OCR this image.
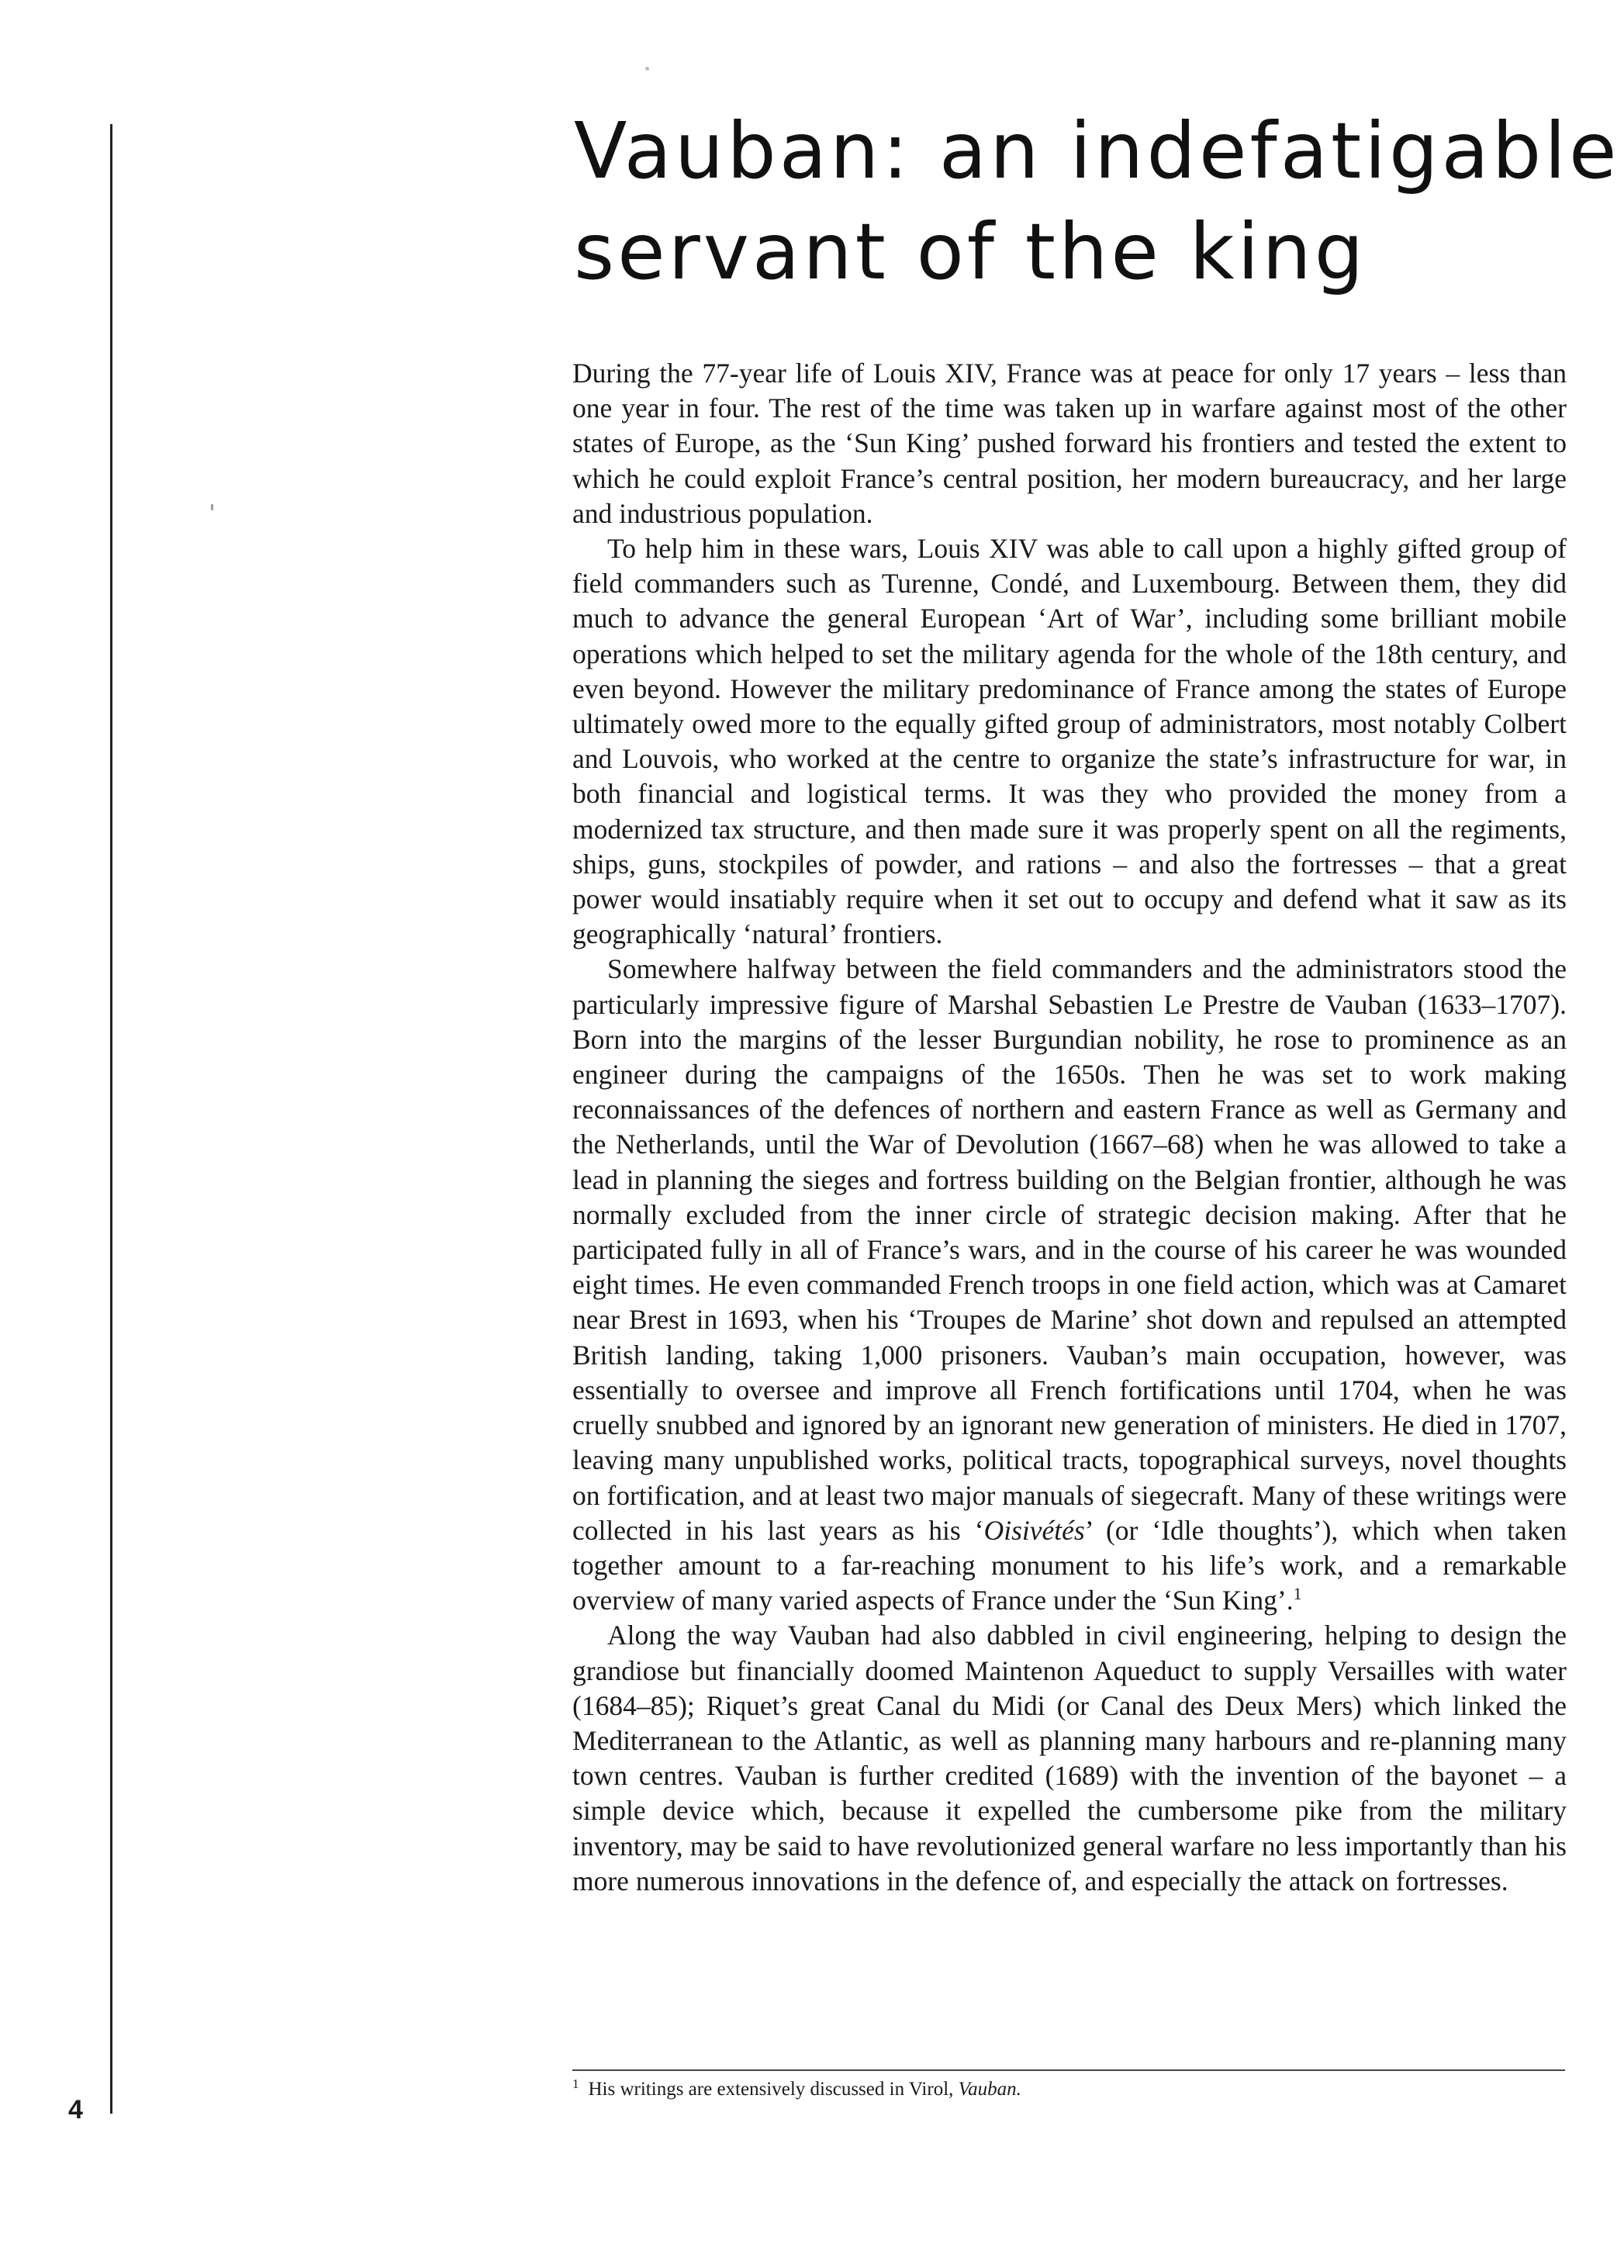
Vauban: an indefatigable
servant of the king

During the 77-year life of Louis XIV, France was at peace for only 17 years – less than one year in four. The rest of the time was taken up in warfare against most of the other states of Europe, as the ‘Sun King’ pushed forward his frontiers and tested the extent to which he could exploit France’s central position, her modern bureaucracy, and her large and industrious population.

To help him in these wars, Louis XIV was able to call upon a highly gifted group of field commanders such as Turenne, Condé, and Luxembourg. Between them, they did much to advance the general European ‘Art of War’, including some brilliant mobile operations which helped to set the military agenda for the whole of the 18th century, and even beyond. However the military predominance of France among the states of Europe ultimately owed more to the equally gifted group of administrators, most notably Colbert and Louvois, who worked at the centre to organize the state’s infrastructure for war, in both financial and logistical terms. It was they who provided the money from a modernized tax structure, and then made sure it was properly spent on all the regiments, ships, guns, stockpiles of powder, and rations – and also the fortresses – that a great power would insatiably require when it set out to occupy and defend what it saw as its geographically ‘natural’ frontiers.

Somewhere halfway between the field commanders and the administrators stood the particularly impressive figure of Marshal Sebastien Le Prestre de Vauban (1633–1707). Born into the margins of the lesser Burgundian nobility, he rose to prominence as an engineer during the campaigns of the 1650s. Then he was set to work making reconnaissances of the defences of northern and eastern France as well as Germany and the Netherlands, until the War of Devolution (1667–68) when he was allowed to take a lead in planning the sieges and fortress building on the Belgian frontier, although he was normally excluded from the inner circle of strategic decision making. After that he participated fully in all of France’s wars, and in the course of his career he was wounded eight times. He even commanded French troops in one field action, which was at Camaret near Brest in 1693, when his ‘Troupes de Marine’ shot down and repulsed an attempted British landing, taking 1,000 prisoners. Vauban’s main occupation, however, was essentially to oversee and improve all French fortifications until 1704, when he was cruelly snubbed and ignored by an ignorant new generation of ministers. He died in 1707, leaving many unpublished works, political tracts, topographical surveys, novel thoughts on fortification, and at least two major manuals of siegecraft. Many of these writings were collected in his last years as his ‘Oisivétés’ (or ‘Idle thoughts’), which when taken together amount to a far-reaching monument to his life’s work, and a remarkable overview of many varied aspects of France under the ‘Sun King’.$^1$

Along the way Vauban had also dabbled in civil engineering, helping to design the grandiose but financially doomed Maintenon Aqueduct to supply Versailles with water (1684–85); Riquet’s great Canal du Midi (or Canal des Deux Mers) which linked the Mediterranean to the Atlantic, as well as planning many harbours and re-planning many town centres. Vauban is further credited (1689) with the invention of the bayonet – a simple device which, because it expelled the cumbersome pike from the military inventory, may be said to have revolutionized general warfare no less importantly than his more numerous innovations in the defence of, and especially the attack on fortresses.

$^1$ His writings are extensively discussed in Virol, Vauban.
4
